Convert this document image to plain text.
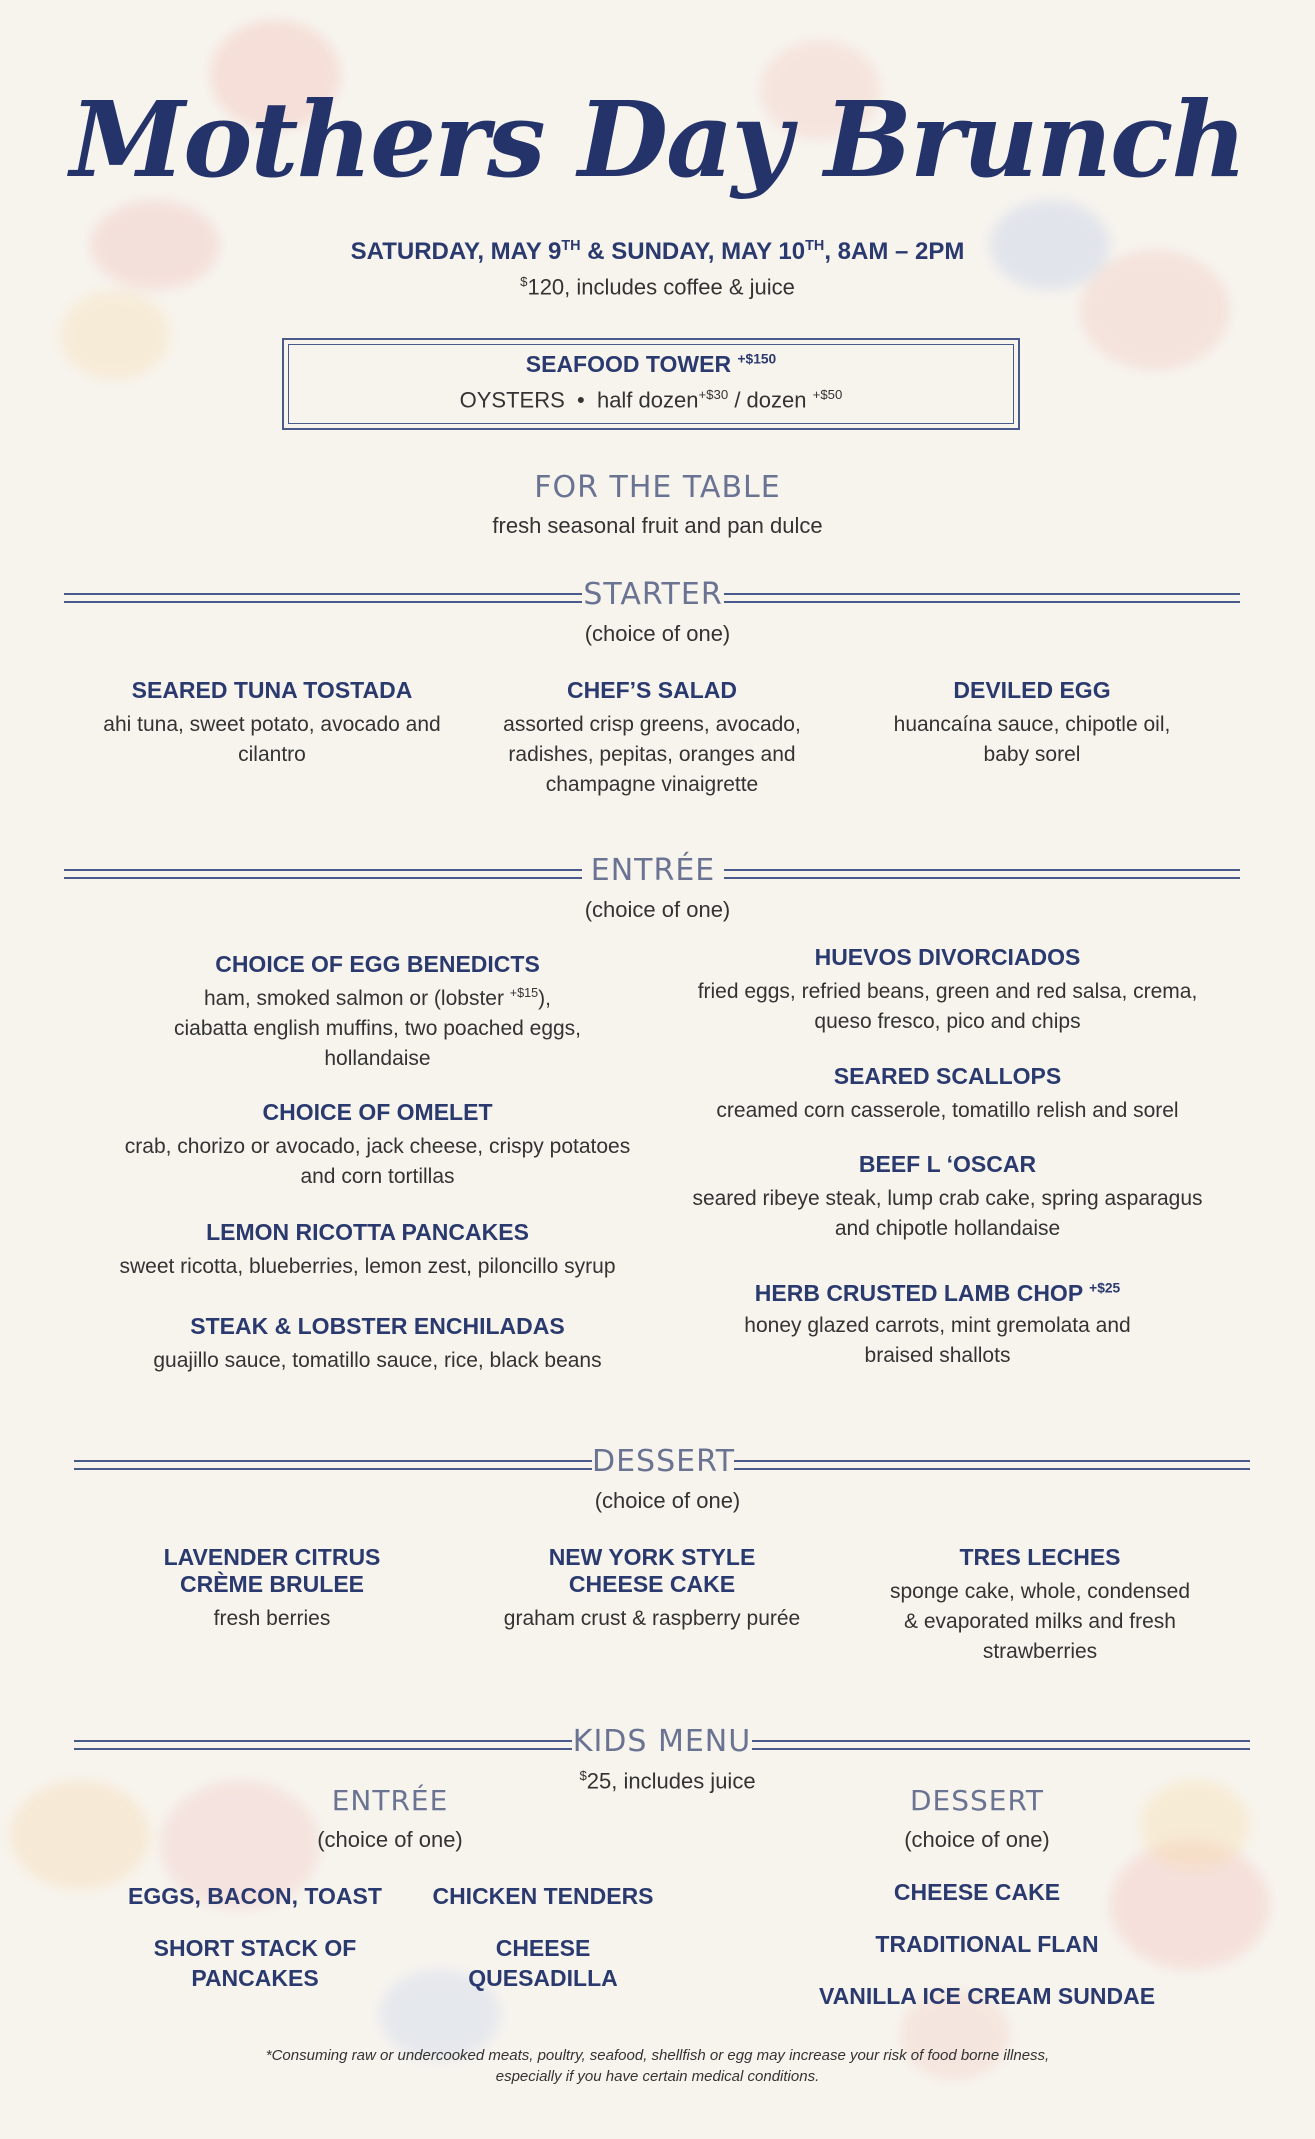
Mothers Day Brunch
SATURDAY, MAY 9TH & SUNDAY, MAY 10TH, 8AM – 2PM
$120, includes coffee & juice
SEAFOOD TOWER $^{+\$150}$
OYSTERS • half dozen$^{+\$30}$ / dozen $^{+\$50}$
FOR THE TABLE
fresh seasonal fruit and pan dulce
STARTER
(choice of one)
SEARED TUNA TOSTADA
ahi tuna, sweet potato, avocado and
cilantro
CHEF’S SALAD
assorted crisp greens, avocado,
radishes, pepitas, oranges and
champagne vinaigrette
DEVILED EGG
huancaína sauce, chipotle oil,
baby sorel
ENTRÉE
(choice of one)
CHOICE OF EGG BENEDICTS
ham, smoked salmon or (lobster $^{+\$15}$),
ciabatta english muffins, two poached eggs,
hollandaise
CHOICE OF OMELET
crab, chorizo or avocado, jack cheese, crispy potatoes
and corn tortillas
LEMON RICOTTA PANCAKES
sweet ricotta, blueberries, lemon zest, piloncillo syrup
STEAK & LOBSTER ENCHILADAS
guajillo sauce, tomatillo sauce, rice, black beans
HUEVOS DIVORCIADOS
fried eggs, refried beans, green and red salsa, crema,
queso fresco, pico and chips
SEARED SCALLOPS
creamed corn casserole, tomatillo relish and sorel
BEEF L ‘OSCAR
seared ribeye steak, lump crab cake, spring asparagus
and chipotle hollandaise
HERB CRUSTED LAMB CHOP $^{+\$25}$
honey glazed carrots, mint gremolata and
braised shallots
DESSERT
(choice of one)
LAVENDER CITRUS
CRÈME BRULEE
fresh berries
NEW YORK STYLE
CHEESE CAKE
graham crust & raspberry purée
TRES LECHES
sponge cake, whole, condensed
& evaporated milks and fresh
strawberries
KIDS MENU
$25, includes juice
ENTRÉE
(choice of one)
EGGS, BACON, TOAST	CHICKEN TENDERS
SHORT STACK OF
PANCAKES
CHEESE
QUESADILLA
DESSERT
(choice of one)
CHEESE CAKE
TRADITIONAL FLAN
VANILLA ICE CREAM SUNDAE
*Consuming raw or undercooked meats, poultry, seafood, shellfish or egg may increase your risk of food borne illness,
especially if you have certain medical conditions.
